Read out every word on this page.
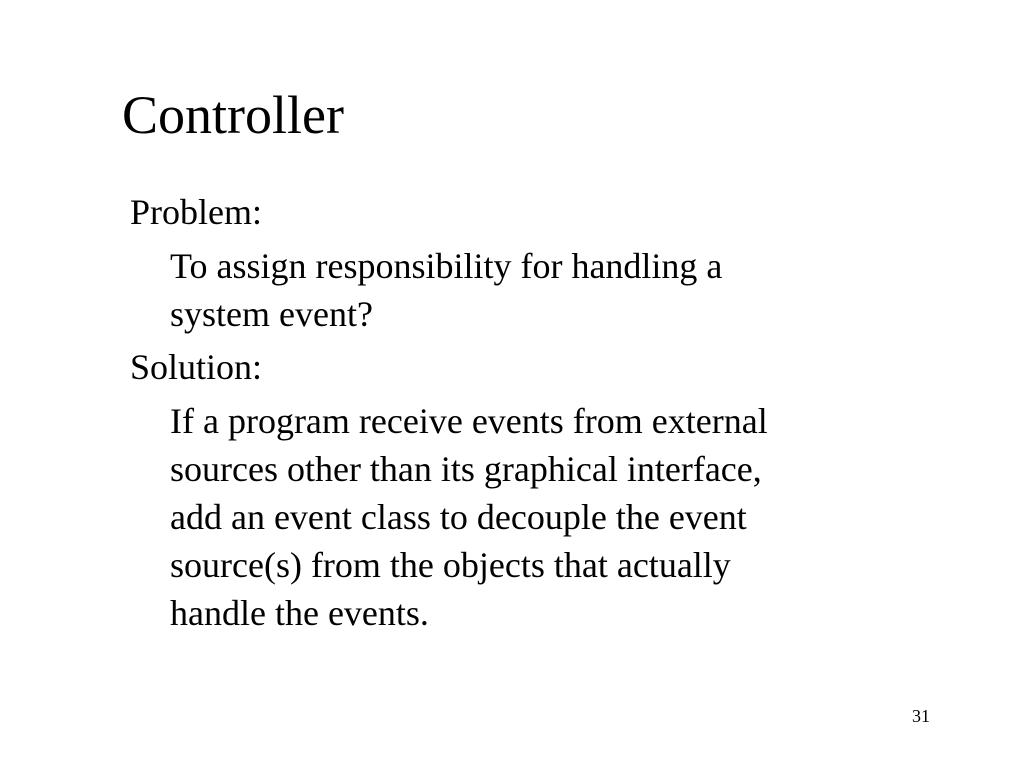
Controller

Problem:

To assign responsibility for handling a
system event?

Solution:

If a program receive events from external
sources other than its graphical interface,
add an event class to decouple the event
source(s) from the objects that actually
handle the events.

31
